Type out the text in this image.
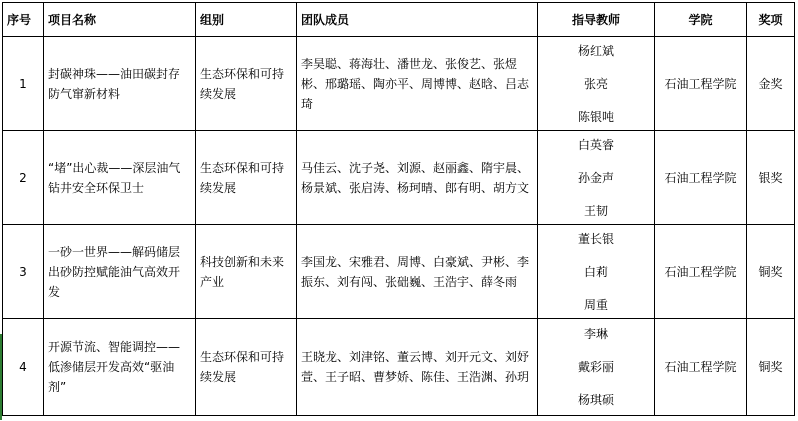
序号	项目名称	组别	团队成员	指导教师	学院	奖项
1	封碳神珠——油田碳封存防气窜新材料	生态环保和可持续发展	李昊聪、蒋海壮、潘世龙、张俊艺、张煜彬、邢璐瑶、陶亦平、周博博、赵晗、吕志琦	杨红斌
张亮
陈银吨	石油工程学院	金奖
2	“堵”出心裁——深层油气钻井安全环保卫士	生态环保和可持续发展	马佳云、沈子尧、刘源、赵丽鑫、隋宇晨、杨景斌、张启涛、杨珂晴、郎有明、胡方文	白英睿
孙金声
王韧	石油工程学院	银奖
3	一砂一世界——解码储层出砂防控赋能油气高效开发	科技创新和未来产业	李国龙、宋雅君、周博、白豪斌、尹彬、李振东、刘有闯、张础巍、王浩宇、薛冬雨	董长银
白莉
周重	石油工程学院	铜奖
4	开源节流、智能调控——低渗储层开发高效“驱油剂”	生态环保和可持续发展	王晓龙、刘津铭、董云博、刘开元文、刘妤萱、王子昭、曹梦娇、陈佳、王浩渊、孙玥	李琳
戴彩丽
杨琪硕	石油工程学院	铜奖
